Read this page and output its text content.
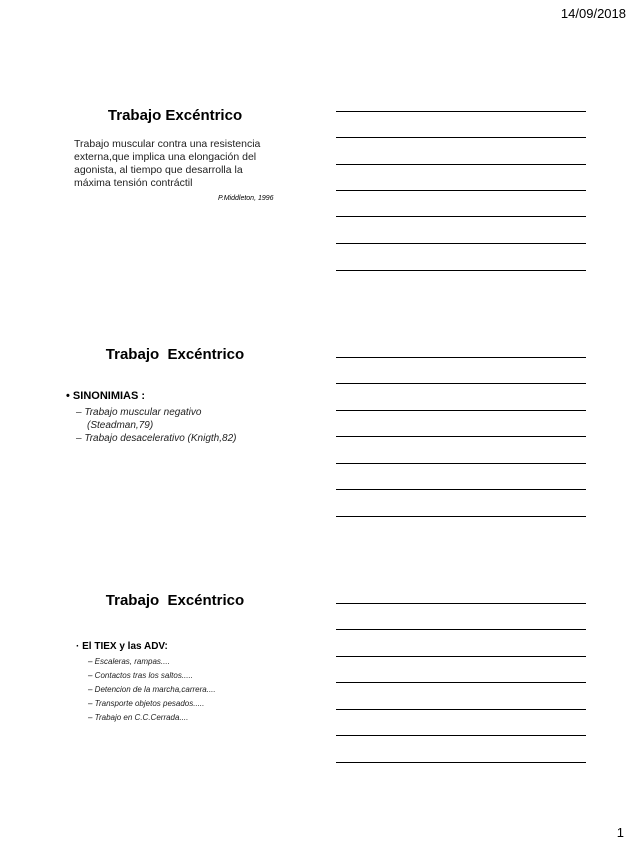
14/09/2018
Trabajo Excéntrico
Trabajo muscular contra una resistencia
externa,que implica una elongación del
agonista, al tiempo que desarrolla la
máxima tensión contráctil
P.Middleton, 1996
Trabajo  Excéntrico
• SINONIMIAS :
– Trabajo muscular negativo
(Steadman,79)
– Trabajo desacelerativo (Knigth,82)
Trabajo  Excéntrico
· El TIEX y las ADV:
– Escaleras, rampas....
– Contactos tras los saltos.....
– Detencion de la marcha,carrera....
– Transporte objetos pesados.....
– Trabajo en C.C.Cerrada....
1
